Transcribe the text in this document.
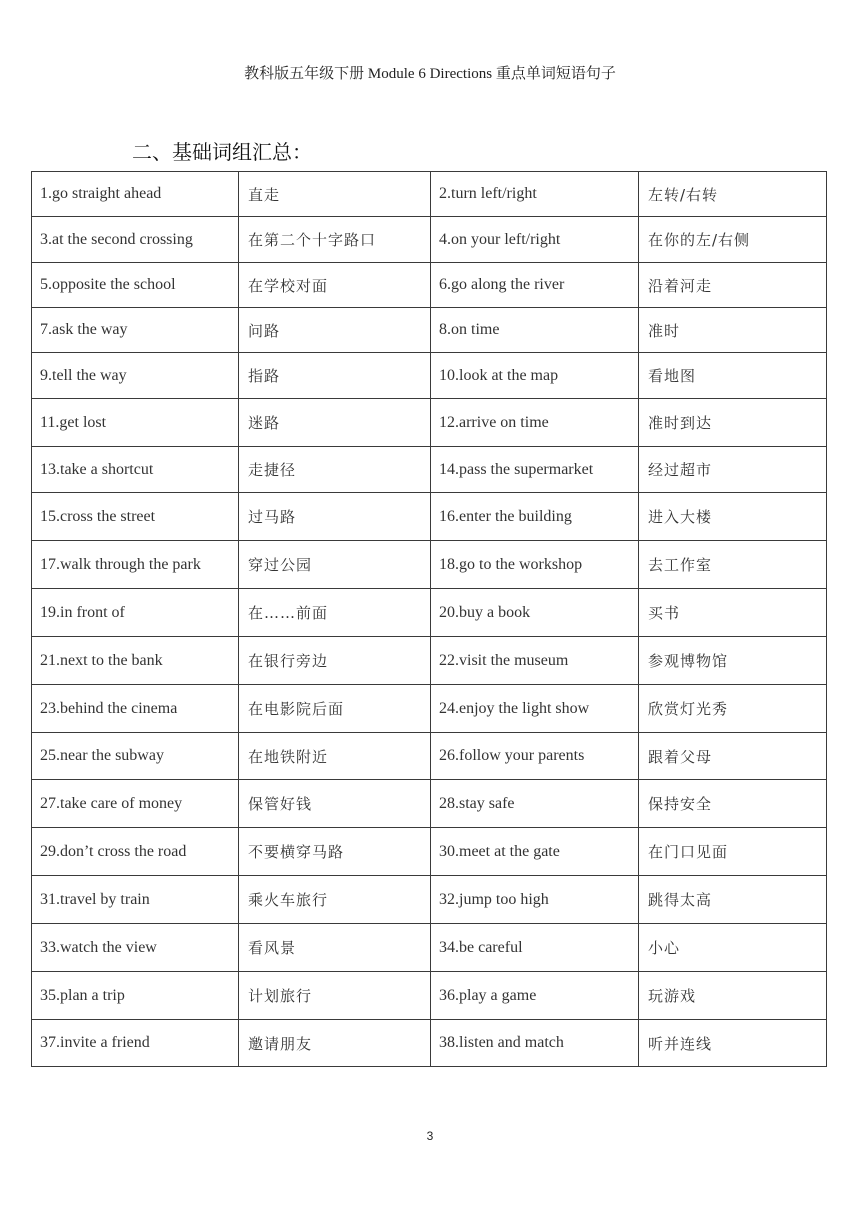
教科版五年级下册 Module 6 Directions 重点单词短语句子
二、基础词组汇总：
1.go straight ahead	直走	2.turn left/right	左转/右转
3.at the second crossing	在第二个十字路口	4.on your left/right	在你的左/右侧
5.opposite the school	在学校对面	6.go along the river	沿着河走
7.ask the way	问路	8.on time	准时
9.tell the way	指路	10.look at the map	看地图
11.get lost	迷路	12.arrive on time	准时到达
13.take a shortcut	走捷径	14.pass the supermarket	经过超市
15.cross the street	过马路	16.enter the building	进入大楼
17.walk through the park	穿过公园	18.go to the workshop	去工作室
19.in front of	在……前面	20.buy a book	买书
21.next to the bank	在银行旁边	22.visit the museum	参观博物馆
23.behind the cinema	在电影院后面	24.enjoy the light show	欣赏灯光秀
25.near the subway	在地铁附近	26.follow your parents	跟着父母
27.take care of money	保管好钱	28.stay safe	保持安全
29.don’t cross the road	不要横穿马路	30.meet at the gate	在门口见面
31.travel by train	乘火车旅行	32.jump too high	跳得太高
33.watch the view	看风景	34.be careful	小心
35.plan a trip	计划旅行	36.play a game	玩游戏
37.invite a friend	邀请朋友	38.listen and match	听并连线
3
